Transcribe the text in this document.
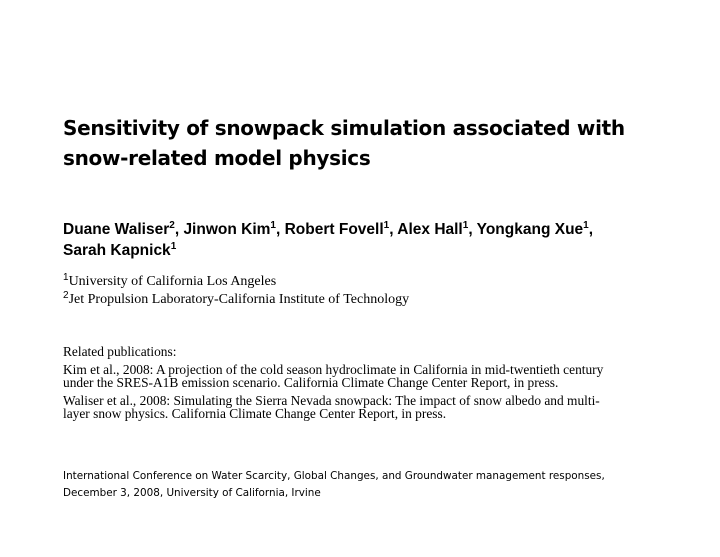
Sensitivity of snowpack simulation associated with
snow-related model physics
Duane Waliser$^2$, Jinwon Kim$^1$, Robert Fovell$^1$, Alex Hall$^1$, Yongkang Xue$^1$,
Sarah Kapnick$^1$
$^1$University of California Los Angeles
$^2$Jet Propulsion Laboratory-California Institute of Technology
Related publications:
Kim et al., 2008: A projection of the cold season hydroclimate in California in mid-twentieth century
under the SRES-A1B emission scenario. California Climate Change Center Report, in press.
Waliser et al., 2008: Simulating the Sierra Nevada snowpack: The impact of snow albedo and multi-
layer snow physics. California Climate Change Center Report, in press.
International Conference on Water Scarcity, Global Changes, and Groundwater management responses,
December 3, 2008, University of California, Irvine
